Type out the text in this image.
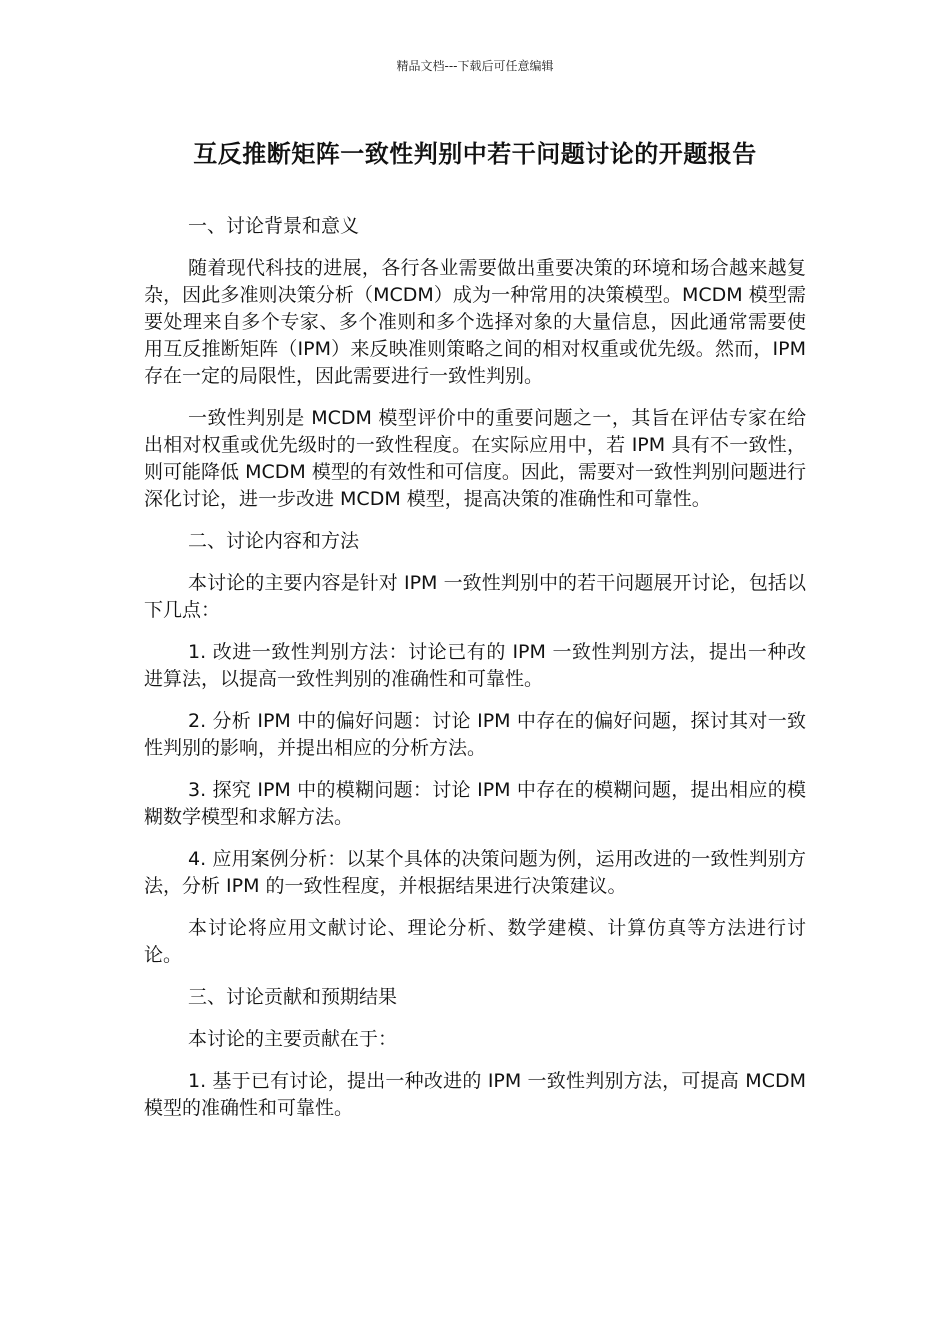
精品文档---下载后可任意编辑
互反推断矩阵一致性判别中若干问题讨论的开题报告

一、讨论背景和意义

随着现代科技的进展，各行各业需要做出重要决策的环境和场合越来越复杂，因此多准则决策分析（MCDM）成为一种常用的决策模型。MCDM 模型需要处理来自多个专家、多个准则和多个选择对象的大量信息，因此通常需要使用互反推断矩阵（IPM）来反映准则策略之间的相对权重或优先级。然而，IPM 存在一定的局限性，因此需要进行一致性判别。

一致性判别是 MCDM 模型评价中的重要问题之一，其旨在评估专家在给出相对权重或优先级时的一致性程度。在实际应用中，若 IPM 具有不一致性，则可能降低 MCDM 模型的有效性和可信度。因此，需要对一致性判别问题进行深化讨论，进一步改进 MCDM 模型，提高决策的准确性和可靠性。

二、讨论内容和方法

本讨论的主要内容是针对 IPM 一致性判别中的若干问题展开讨论，包括以下几点：

1. 改进一致性判别方法：讨论已有的 IPM 一致性判别方法，提出一种改进算法，以提高一致性判别的准确性和可靠性。

2. 分析 IPM 中的偏好问题：讨论 IPM 中存在的偏好问题，探讨其对一致性判别的影响，并提出相应的分析方法。

3. 探究 IPM 中的模糊问题：讨论 IPM 中存在的模糊问题，提出相应的模糊数学模型和求解方法。

4. 应用案例分析：以某个具体的决策问题为例，运用改进的一致性判别方法，分析 IPM 的一致性程度，并根据结果进行决策建议。

本讨论将应用文献讨论、理论分析、数学建模、计算仿真等方法进行讨论。

三、讨论贡献和预期结果

本讨论的主要贡献在于：

1. 基于已有讨论，提出一种改进的 IPM 一致性判别方法，可提高 MCDM 模型的准确性和可靠性。
